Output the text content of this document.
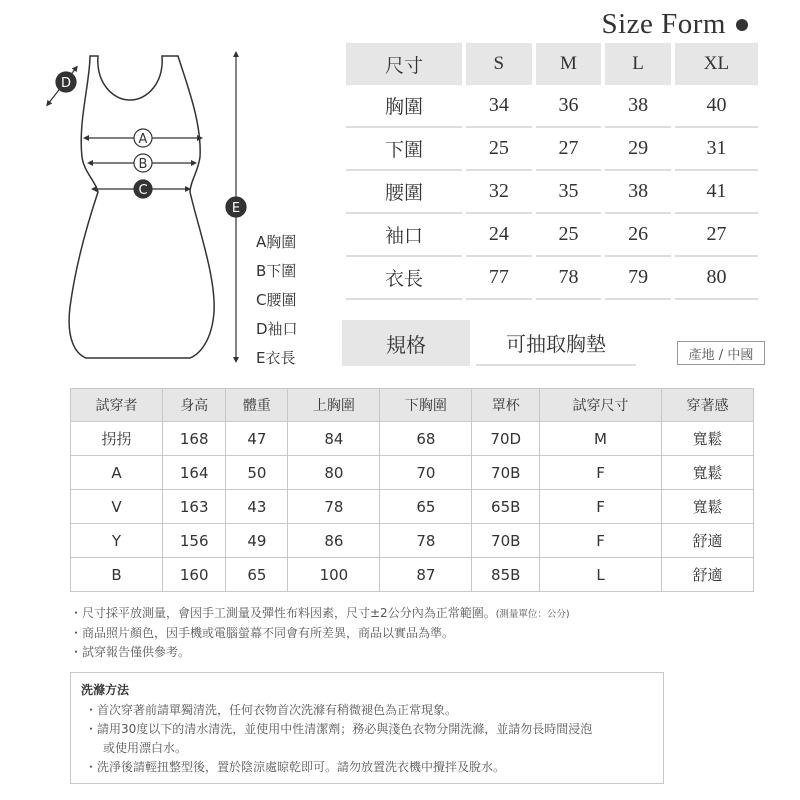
Size Form
A
B
C
D
E
A胸圍
B下圍
C腰圍
D袖口
E衣長
尺寸	S	M	L	XL
胸圍	34	36	38	40
下圍	25	27	29	31
腰圍	32	35	38	41
袖口	24	25	26	27
衣長	77	78	79	80
規格	可抽取胸墊	產地 / 中國
試穿者	身高	體重	上胸圍	下胸圍	罩杯	試穿尺寸	穿著感
拐拐	168	47	84	68	70D	M	寬鬆
A	164	50	80	70	70B	F	寬鬆
V	163	43	78	65	65B	F	寬鬆
Y	156	49	86	78	70B	F	舒適
B	160	65	100	87	85B	L	舒適
・尺寸採平放測量，會因手工測量及彈性布料因素，尺寸±2公分內為正常範圍。(測量單位：公分)
・商品照片顏色，因手機或電腦螢幕不同會有所差異，商品以實品為準。
・試穿報告僅供參考。
洗滌方法
・首次穿著前請單獨清洗，任何衣物首次洗滌有稍微褪色為正常現象。
・請用30度以下的清水清洗，並使用中性清潔劑；務必與淺色衣物分開洗滌，並請勿長時間浸泡
或使用漂白水。
・洗淨後請輕扭整型後，置於陰涼處晾乾即可。請勿放置洗衣機中攪拌及脫水。
